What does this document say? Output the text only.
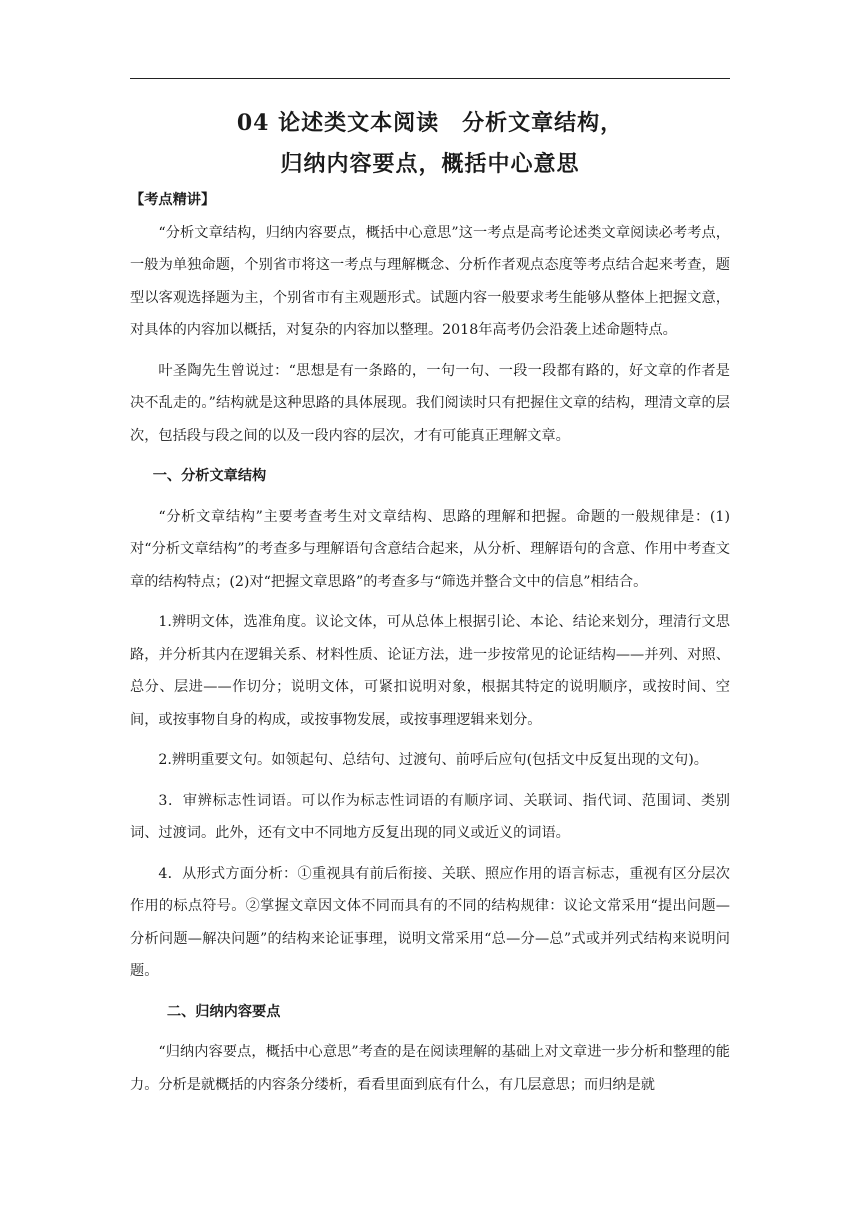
04 论述类文本阅读　分析文章结构，
归纳内容要点，概括中心意思

【考点精讲】

“分析文章结构，归纳内容要点，概括中心意思”这一考点是高考论述类文章阅读必考考点，一般为单独命题，个别省市将这一考点与理解概念、分析作者观点态度等考点结合起来考查，题型以客观选择题为主，个别省市有主观题形式。试题内容一般要求考生能够从整体上把握文意，对具体的内容加以概括，对复杂的内容加以整理。2018年高考仍会沿袭上述命题特点。

叶圣陶先生曾说过：“思想是有一条路的，一句一句、一段一段都有路的，好文章的作者是决不乱走的。”结构就是这种思路的具体展现。我们阅读时只有把握住文章的结构，理清文章的层次，包括段与段之间的以及一段内容的层次，才有可能真正理解文章。

一、分析文章结构

“分析文章结构”主要考查考生对文章结构、思路的理解和把握。命题的一般规律是：(1)对“分析文章结构”的考查多与理解语句含意结合起来，从分析、理解语句的含意、作用中考查文章的结构特点；(2)对“把握文章思路”的考查多与“筛选并整合文中的信息”相结合。

1.辨明文体，选准角度。议论文体，可从总体上根据引论、本论、结论来划分，理清行文思路，并分析其内在逻辑关系、材料性质、论证方法，进一步按常见的论证结构——并列、对照、总分、层进——作切分；说明文体，可紧扣说明对象，根据其特定的说明顺序，或按时间、空间，或按事物自身的构成，或按事物发展，或按事理逻辑来划分。

2.辨明重要文句。如领起句、总结句、过渡句、前呼后应句(包括文中反复出现的文句)。

3．审辨标志性词语。可以作为标志性词语的有顺序词、关联词、指代词、范围词、类别词、过渡词。此外，还有文中不同地方反复出现的同义或近义的词语。

4．从形式方面分析：①重视具有前后衔接、关联、照应作用的语言标志，重视有区分层次作用的标点符号。②掌握文章因文体不同而具有的不同的结构规律：议论文常采用“提出问题—分析问题—解决问题”的结构来论证事理，说明文常采用“总—分—总”式或并列式结构来说明问题。

二、归纳内容要点

“归纳内容要点，概括中心意思”考查的是在阅读理解的基础上对文章进一步分析和整理的能力。分析是就概括的内容条分缕析，看看里面到底有什么，有几层意思；而归纳是就
